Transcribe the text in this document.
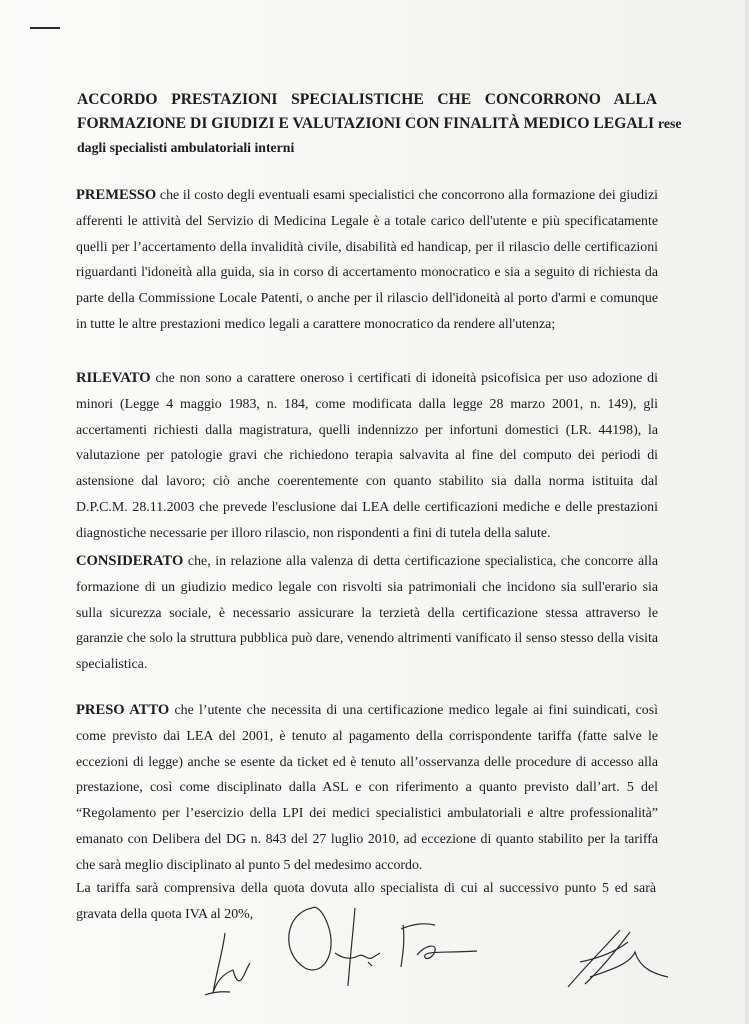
ACCORDO PRESTAZIONI SPECIALISTICHE CHE CONCORRONO ALLA
FORMAZIONE DI GIUDIZI E VALUTAZIONI CON FINALITÀ MEDICO LEGALI rese
dagli specialisti ambulatoriali interni
PREMESSO che il costo degli eventuali esami specialistici che concorrono alla formazione dei giudizi afferenti le attività del Servizio di Medicina Legale è a totale carico dell'utente e più specificatamente quelli per l’accertamento della invalidità civile, disabilità ed handicap, per il rilascio delle certificazioni riguardanti l'idoneità alla guida, sia in corso di accertamento monocratico e sia a seguito di richiesta da parte della Commissione Locale Patenti, o anche per il rilascio dell'idoneità al porto d'armi e comunque in tutte le altre prestazioni medico legali a carattere monocratico da rendere all'utenza;
RILEVATO che non sono a carattere oneroso i certificati di idoneità psicofisica per uso adozione di minori (Legge 4 maggio 1983, n. 184, come modificata dalla legge 28 marzo 2001, n. 149), gli accertamenti richiesti dalla magistratura, quelli indennizzo per infortuni domestici (LR. 44198), la valutazione per patologie gravi che richiedono terapia salvavita al fine del computo dei periodi di astensione dal lavoro; ciò anche coerentemente con quanto stabilito sia dalla norma istituita dal D.P.C.M. 28.11.2003 che prevede l'esclusione dai LEA delle certificazioni mediche e delle prestazioni diagnostiche necessarie per illoro rilascio, non rispondenti a fini di tutela della salute.
CONSIDERATO che, in relazione alla valenza di detta certificazione specialistica, che concorre alla formazione di un giudizio medico legale con risvolti sia patrimoniali che incidono sia sull'erario sia sulla sicurezza sociale, è necessario assicurare la terzietà della certificazione stessa attraverso le garanzie che solo la struttura pubblica può dare, venendo altrimenti vanificato il senso stesso della visita specialistica.
PRESO ATTO che l’utente che necessita di una certificazione medico legale ai fini suindicati, così come previsto dai LEA del 2001, è tenuto al pagamento della corrispondente tariffa (fatte salve le eccezioni di legge) anche se esente da ticket ed è tenuto all’osservanza delle procedure di accesso alla prestazione, così come disciplinato dalla ASL e con riferimento a quanto previsto dall’art. 5 del “Regolamento per l’esercizio della LPI dei medici specialistici ambulatoriali e altre professionalità” emanato con Delibera del DG n. 843 del 27 luglio 2010, ad eccezione di quanto stabilito per la tariffa che sarà meglio disciplinato al punto 5 del medesimo accordo.
La tariffa sarà comprensiva della quota dovuta allo specialista di cui al successivo punto 5 ed sarà gravata della quota IVA al 20%,
